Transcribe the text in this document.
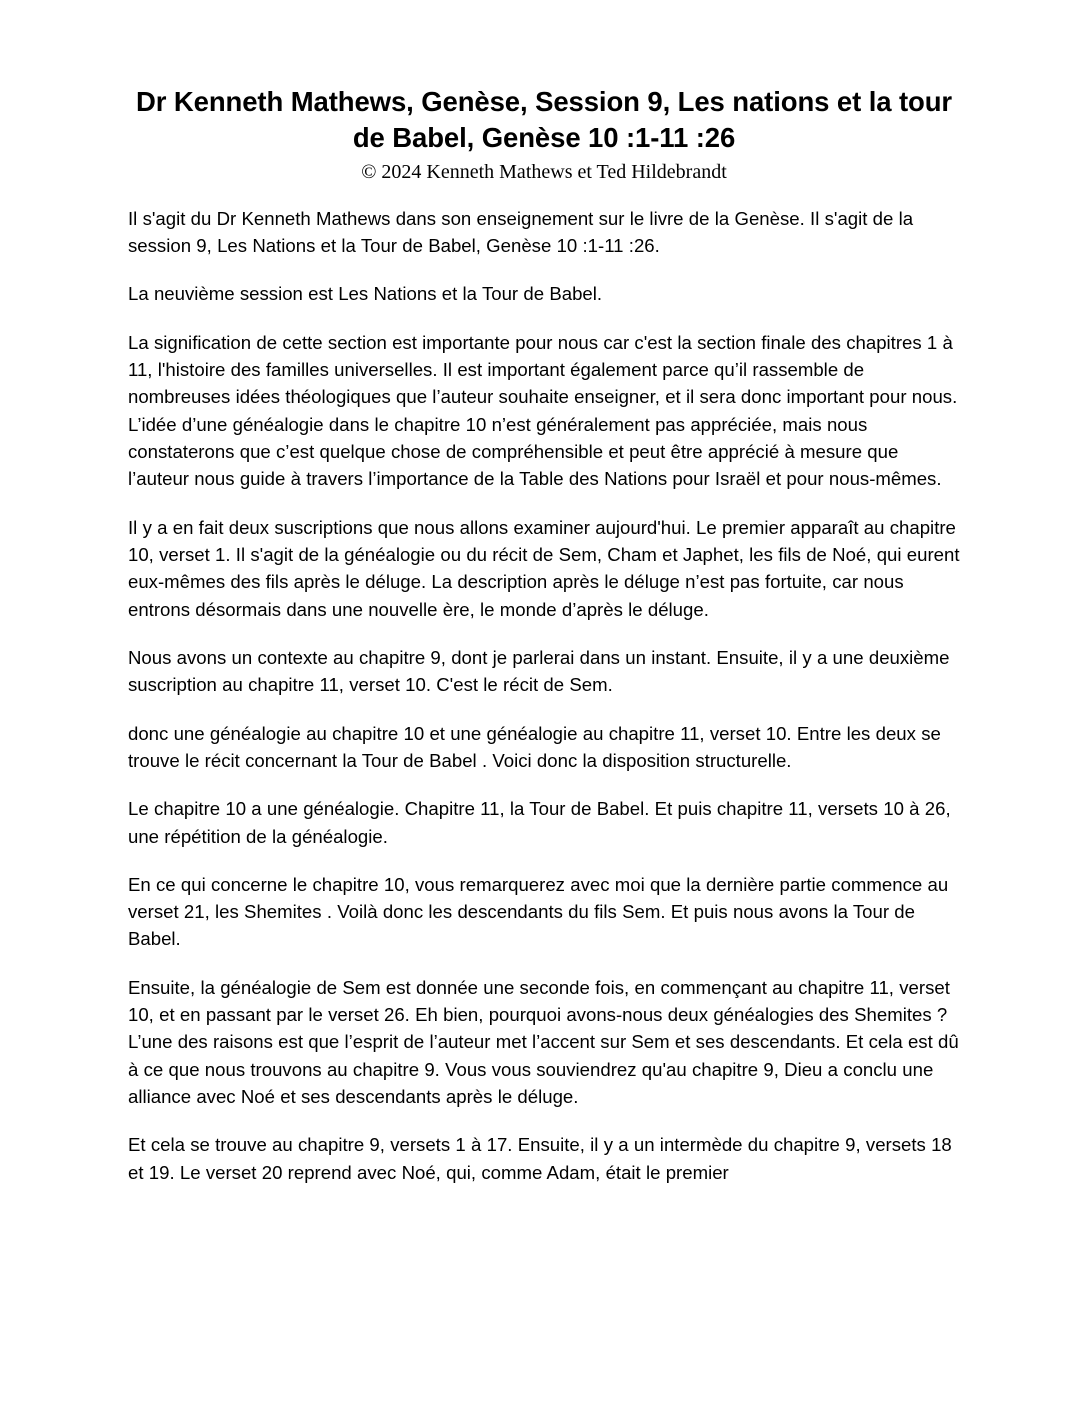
Dr Kenneth Mathews, Genèse, Session 9, Les nations et la tour de Babel, Genèse 10 :1-11 :26
© 2024 Kenneth Mathews et Ted Hildebrandt

Il s'agit du Dr Kenneth Mathews dans son enseignement sur le livre de la Genèse. Il s'agit de la session 9, Les Nations et la Tour de Babel, Genèse 10 :1-11 :26.

La neuvième session est Les Nations et la Tour de Babel.

La signification de cette section est importante pour nous car c'est la section finale des chapitres 1 à 11, l'histoire des familles universelles. Il est important également parce qu’il rassemble de nombreuses idées théologiques que l’auteur souhaite enseigner, et il sera donc important pour nous. L’idée d’une généalogie dans le chapitre 10 n’est généralement pas appréciée, mais nous constaterons que c’est quelque chose de compréhensible et peut être apprécié à mesure que l’auteur nous guide à travers l’importance de la Table des Nations pour Israël et pour nous-mêmes.

Il y a en fait deux suscriptions que nous allons examiner aujourd'hui. Le premier apparaît au chapitre 10, verset 1. Il s'agit de la généalogie ou du récit de Sem, Cham et Japhet, les fils de Noé, qui eurent eux-mêmes des fils après le déluge. La description après le déluge n’est pas fortuite, car nous entrons désormais dans une nouvelle ère, le monde d’après le déluge.

Nous avons un contexte au chapitre 9, dont je parlerai dans un instant. Ensuite, il y a une deuxième suscription au chapitre 11, verset 10. C'est le récit de Sem.

donc une généalogie au chapitre 10 et une généalogie au chapitre 11, verset 10. Entre les deux se trouve le récit concernant la Tour de Babel . Voici donc la disposition structurelle.

Le chapitre 10 a une généalogie. Chapitre 11, la Tour de Babel. Et puis chapitre 11, versets 10 à 26, une répétition de la généalogie.

En ce qui concerne le chapitre 10, vous remarquerez avec moi que la dernière partie commence au verset 21, les Shemites . Voilà donc les descendants du fils Sem. Et puis nous avons la Tour de Babel.

Ensuite, la généalogie de Sem est donnée une seconde fois, en commençant au chapitre 11, verset 10, et en passant par le verset 26. Eh bien, pourquoi avons-nous deux généalogies des Shemites ? L’une des raisons est que l’esprit de l’auteur met l’accent sur Sem et ses descendants. Et cela est dû à ce que nous trouvons au chapitre 9. Vous vous souviendrez qu'au chapitre 9, Dieu a conclu une alliance avec Noé et ses descendants après le déluge.

Et cela se trouve au chapitre 9, versets 1 à 17. Ensuite, il y a un intermède du chapitre 9, versets 18 et 19. Le verset 20 reprend avec Noé, qui, comme Adam, était le premier
